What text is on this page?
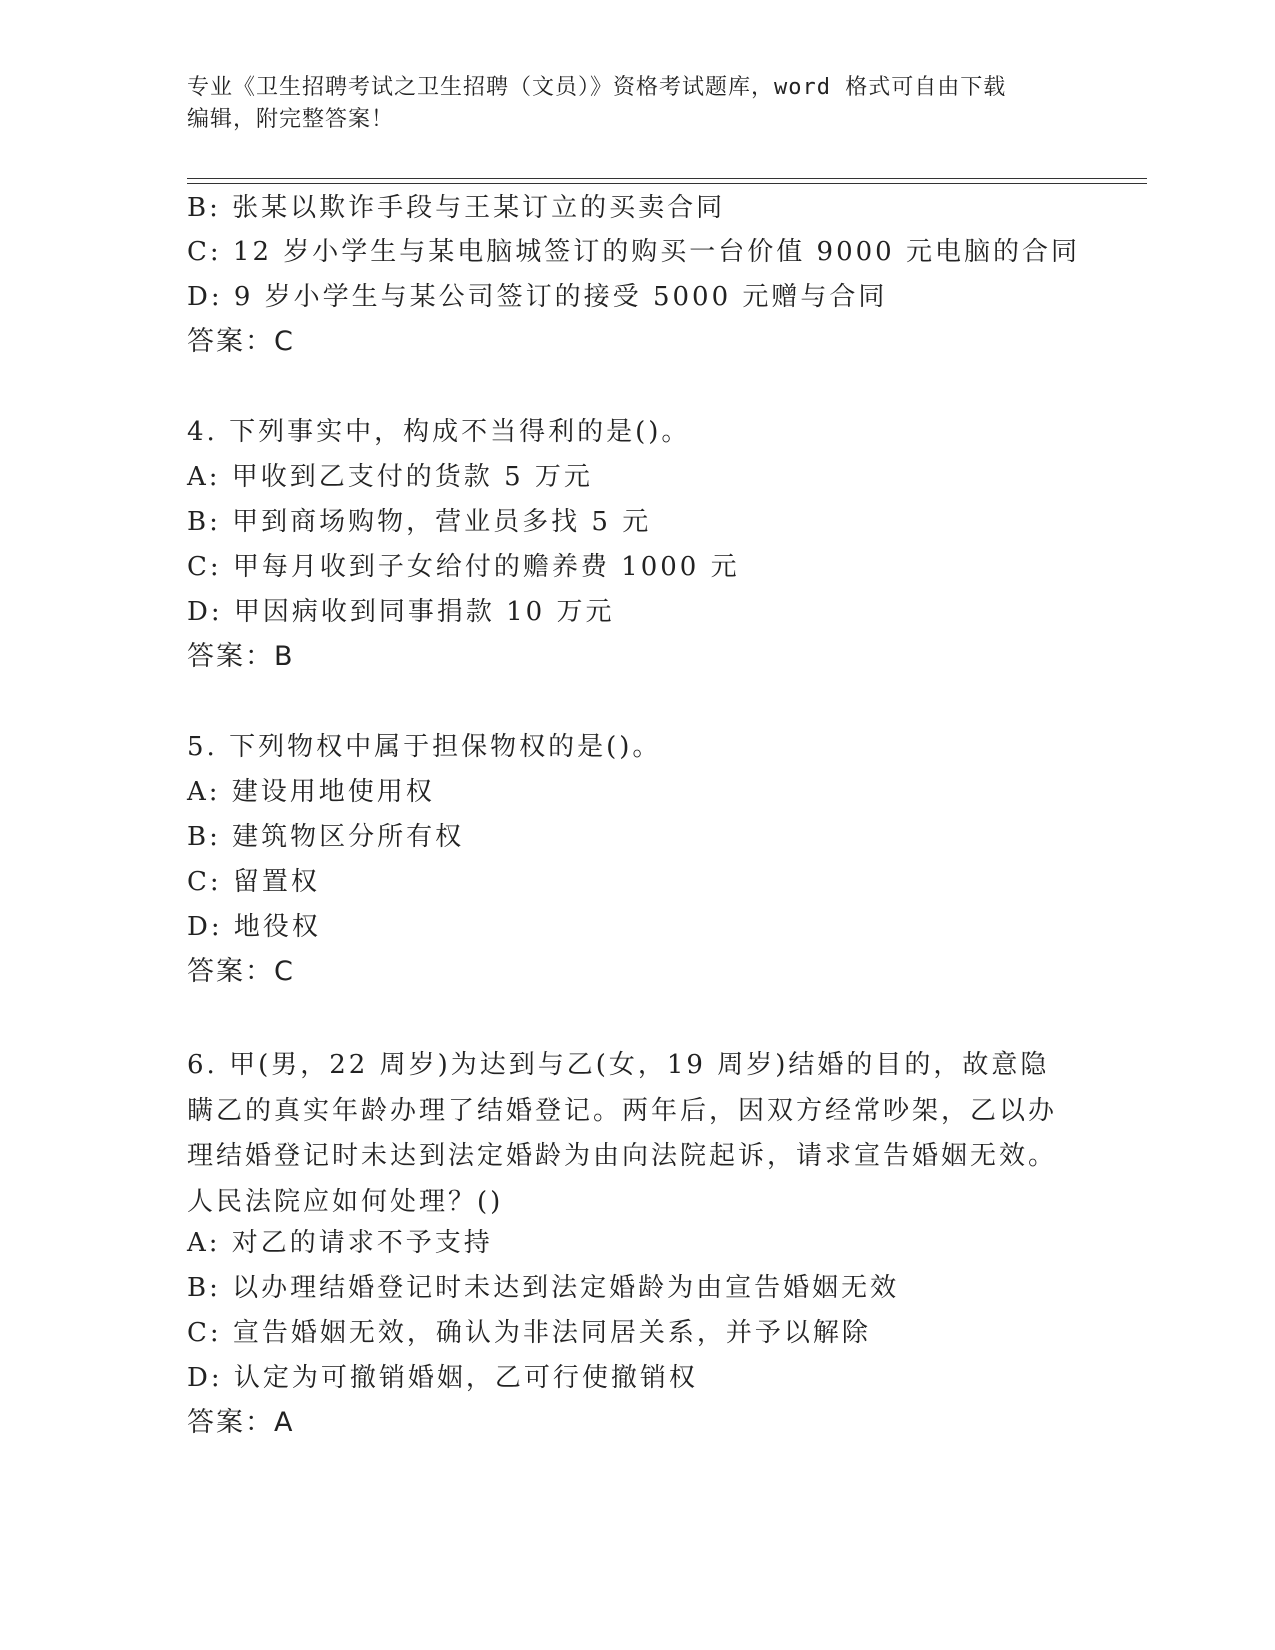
专业《卫生招聘考试之卫生招聘（文员）》资格考试题库，word 格式可自由下载
编辑，附完整答案！
B: 张某以欺诈手段与王某订立的买卖合同
C: 12 岁小学生与某电脑城签订的购买一台价值 9000 元电脑的合同
D: 9 岁小学生与某公司签订的接受 5000 元赠与合同
答案：C
4. 下列事实中，构成不当得利的是()。
A: 甲收到乙支付的货款 5 万元
B: 甲到商场购物，营业员多找 5 元
C: 甲每月收到子女给付的赡养费 1000 元
D: 甲因病收到同事捐款 10 万元
答案：B
5. 下列物权中属于担保物权的是()。
A: 建设用地使用权
B: 建筑物区分所有权
C: 留置权
D: 地役权
答案：C

6. 甲(男，22 周岁)为达到与乙(女，19 周岁)结婚的目的，故意隐瞒乙的真实年龄办理了结婚登记。两年后，因双方经常吵架，乙以办理结婚登记时未达到法定婚龄为由向法院起诉，请求宣告婚姻无效。人民法院应如何处理？()

A: 对乙的请求不予支持
B: 以办理结婚登记时未达到法定婚龄为由宣告婚姻无效
C: 宣告婚姻无效，确认为非法同居关系，并予以解除
D: 认定为可撤销婚姻，乙可行使撤销权
答案：A
